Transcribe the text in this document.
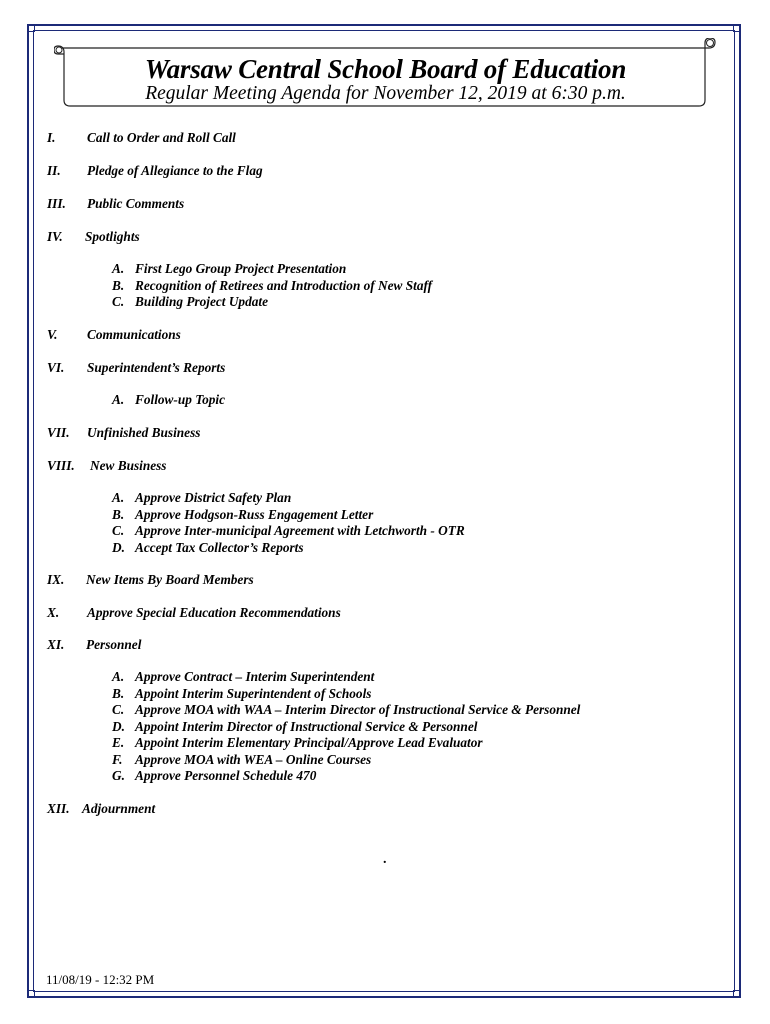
Warsaw Central School Board of Education
Regular Meeting Agenda for November 12, 2019 at 6:30 p.m.
I. Call to Order and Roll Call
II. Pledge of Allegiance to the Flag
III. Public Comments
IV. Spotlights
A. First Lego Group Project Presentation
B. Recognition of Retirees and Introduction of New Staff
C. Building Project Update
V. Communications
VI. Superintendent’s Reports
A. Follow-up Topic
VII. Unfinished Business
VIII. New Business
A. Approve District Safety Plan
B. Approve Hodgson-Russ Engagement Letter
C. Approve Inter-municipal Agreement with Letchworth - OTR
D. Accept Tax Collector’s Reports
IX. New Items By Board Members
X. Approve Special Education Recommendations
XI. Personnel
A. Approve Contract – Interim Superintendent
B. Appoint Interim Superintendent of Schools
C. Approve MOA with WAA – Interim Director of Instructional Service & Personnel
D. Appoint Interim Director of Instructional Service & Personnel
E. Appoint Interim Elementary Principal/Approve Lead Evaluator
F. Approve MOA with WEA – Online Courses
G. Approve Personnel Schedule 470
XII. Adjournment
.
11/08/19 - 12:32 PM
